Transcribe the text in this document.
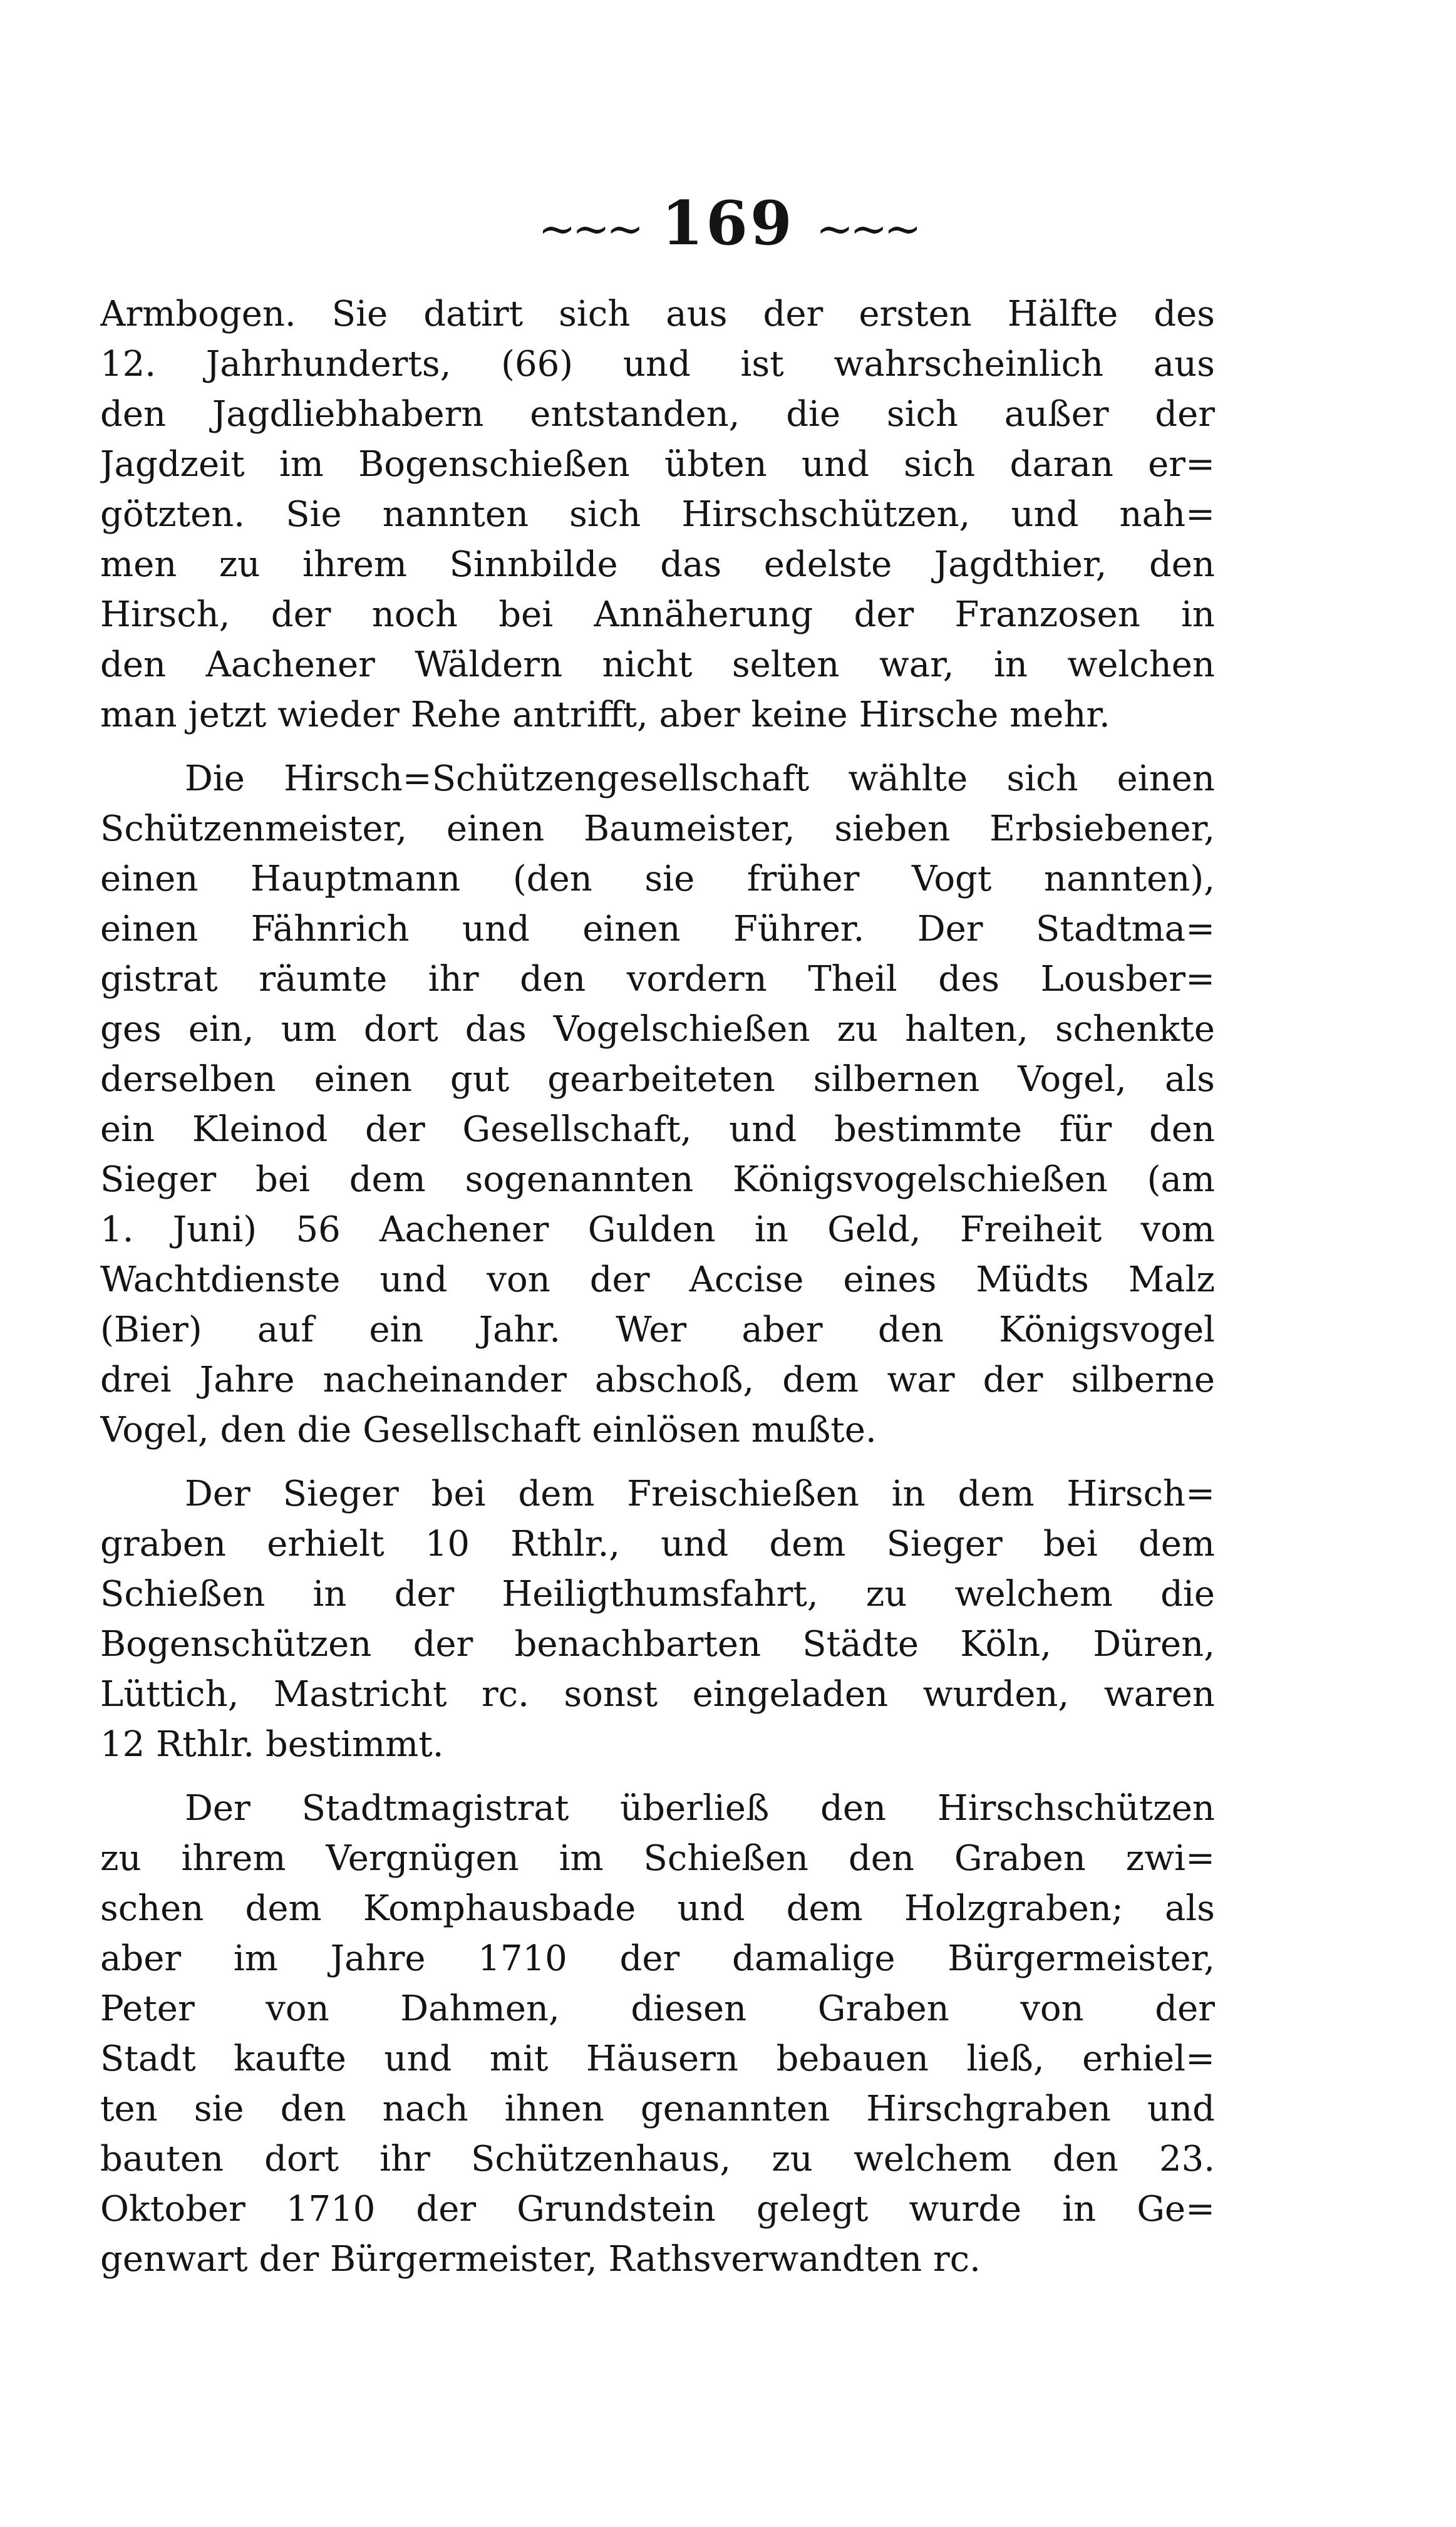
~~~ 169 ~~~
Armbogen. Sie datirt sich aus der ersten Hälfte des
12. Jahrhunderts, (66) und ist wahrscheinlich aus
den Jagdliebhabern entstanden, die sich außer der
Jagdzeit im Bogenschießen übten und sich daran er=
götzten. Sie nannten sich Hirschschützen, und nah=
men zu ihrem Sinnbilde das edelste Jagdthier, den
Hirsch, der noch bei Annäherung der Franzosen in
den Aachener Wäldern nicht selten war, in welchen
man jetzt wieder Rehe antrifft, aber keine Hirsche mehr.
Die Hirsch=Schützengesellschaft wählte sich einen
Schützenmeister, einen Baumeister, sieben Erbsiebener,
einen Hauptmann (den sie früher Vogt nannten),
einen Fähnrich und einen Führer. Der Stadtma=
gistrat räumte ihr den vordern Theil des Lousber=
ges ein, um dort das Vogelschießen zu halten, schenkte
derselben einen gut gearbeiteten silbernen Vogel, als
ein Kleinod der Gesellschaft, und bestimmte für den
Sieger bei dem sogenannten Königsvogelschießen (am
1. Juni) 56 Aachener Gulden in Geld, Freiheit vom
Wachtdienste und von der Accise eines Müdts Malz
(Bier) auf ein Jahr. Wer aber den Königsvogel
drei Jahre nacheinander abschoß, dem war der silberne
Vogel, den die Gesellschaft einlösen mußte.
Der Sieger bei dem Freischießen in dem Hirsch=
graben erhielt 10 Rthlr., und dem Sieger bei dem
Schießen in der Heiligthumsfahrt, zu welchem die
Bogenschützen der benachbarten Städte Köln, Düren,
Lüttich, Mastricht rc. sonst eingeladen wurden, waren
12 Rthlr. bestimmt.
Der Stadtmagistrat überließ den Hirschschützen
zu ihrem Vergnügen im Schießen den Graben zwi=
schen dem Komphausbade und dem Holzgraben; als
aber im Jahre 1710 der damalige Bürgermeister,
Peter von Dahmen, diesen Graben von der
Stadt kaufte und mit Häusern bebauen ließ, erhiel=
ten sie den nach ihnen genannten Hirschgraben und
bauten dort ihr Schützenhaus, zu welchem den 23.
Oktober 1710 der Grundstein gelegt wurde in Ge=
genwart der Bürgermeister, Rathsverwandten rc.
